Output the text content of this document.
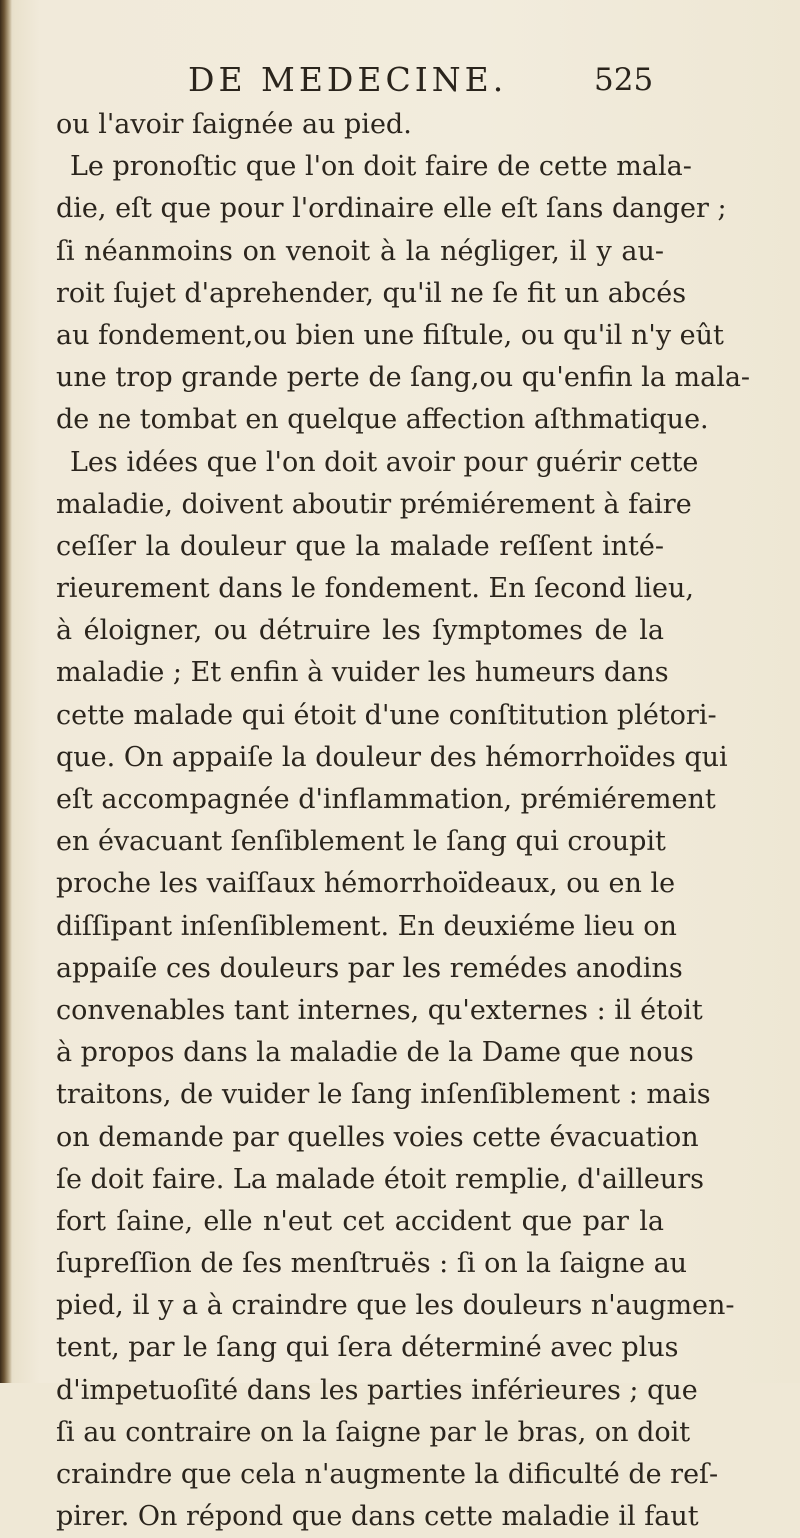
DE MEDECINE.	525
ou l'avoir ſaignée au pied.
Le pronoſtic que l'on doit faire de cette mala-
die, eſt que pour l'ordinaire elle eſt ſans danger ;
ſi néanmoins on venoit à la négliger, il y au-
roit ſujet d'aprehender, qu'il ne ſe fit un abcés
au fondement,ou bien une fiſtule, ou qu'il n'y eût
une trop grande perte de ſang,ou qu'enfin la mala-
de ne tombat en quelque affection aſthmatique.
Les idées que l'on doit avoir pour guérir cette
maladie, doivent aboutir prémiérement à faire
ceſſer la douleur que la malade reſſent inté-
rieurement dans le fondement. En ſecond lieu,
à éloigner, ou détruire les ſymptomes de la
maladie ; Et enfin à vuider les humeurs dans
cette malade qui étoit d'une conſtitution plétori-
que. On appaiſe la douleur des hémorrhoïdes qui
eſt accompagnée d'inflammation, prémiérement
en évacuant ſenſiblement le ſang qui croupit
proche les vaiſſaux hémorrhoïdeaux, ou en le
diſſipant inſenſiblement. En deuxiéme lieu on
appaiſe ces douleurs par les remédes anodins
convenables tant internes, qu'externes : il étoit
à propos dans la maladie de la Dame que nous
traitons, de vuider le ſang inſenſiblement : mais
on demande par quelles voies cette évacuation
ſe doit faire. La malade étoit remplie, d'ailleurs
fort ſaine, elle n'eut cet accident que par la
ſupreſſion de ſes menſtruës : ſi on la ſaigne au
pied, il y a à craindre que les douleurs n'augmen-
tent, par le ſang qui ſera déterminé avec plus
d'impetuoſité dans les parties inférieures ; que
ſi au contraire on la ſaigne par le bras, on doit
craindre que cela n'augmente la dificulté de reſ-
pirer. On répond que dans cette maladie il faut
